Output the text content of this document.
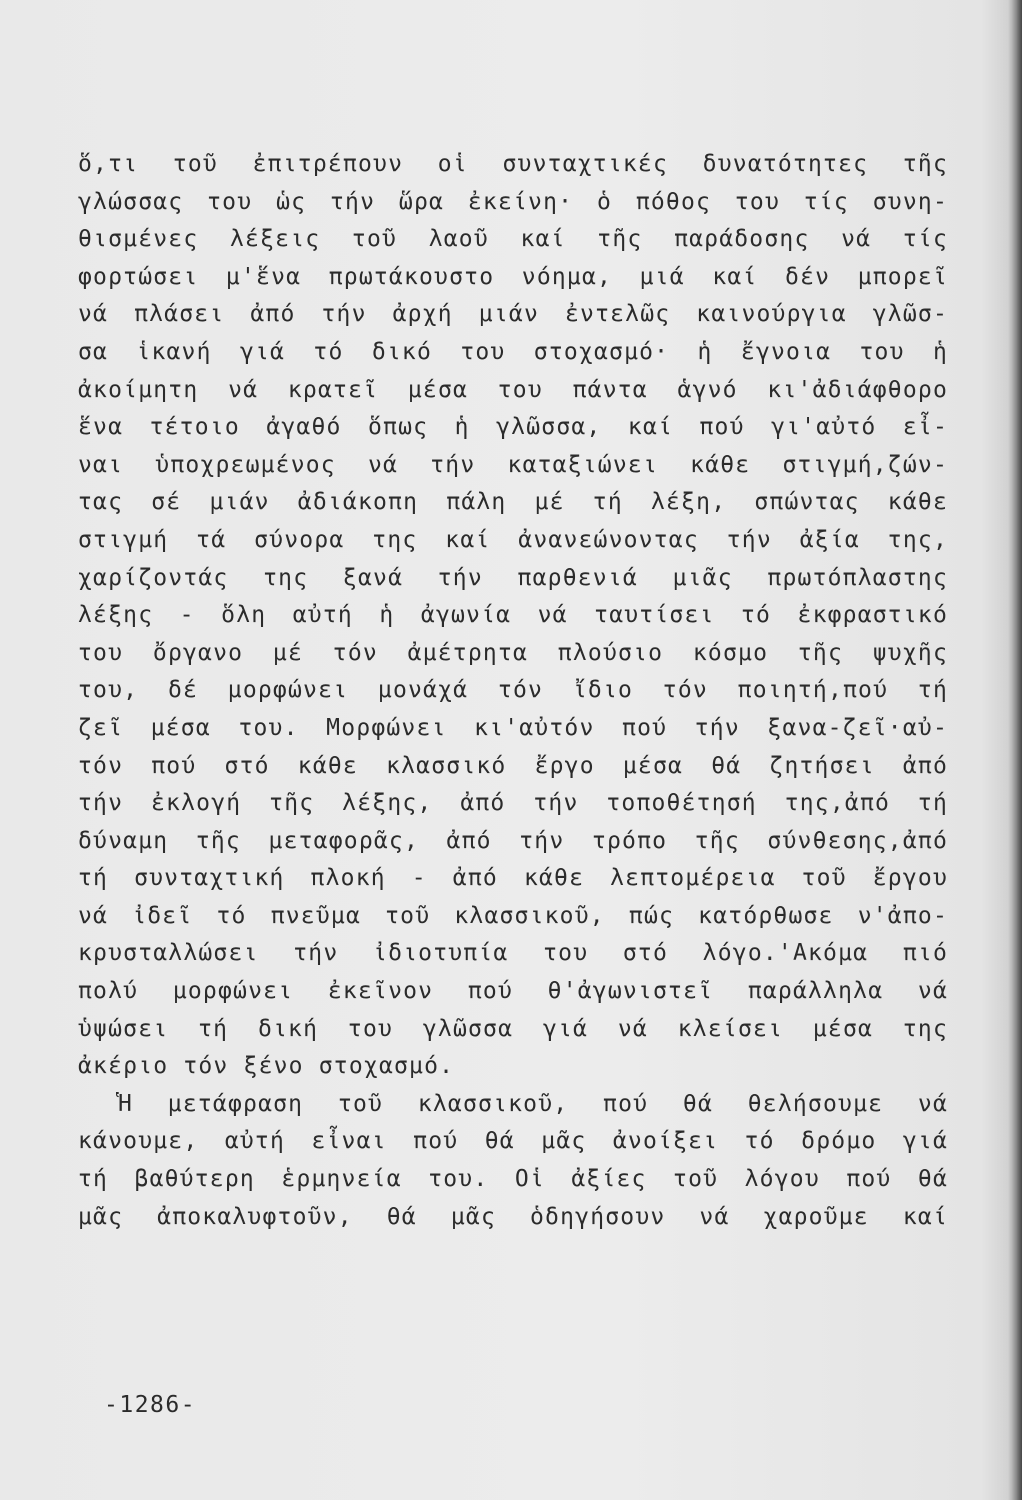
ὅ,τι τοῦ ἐπιτρέπουν οἱ συνταχτικές δυνατότητες τῆς
γλώσσας του ὡς τήν ὥρα ἐκείνη· ὁ πόθος του τίς συνη-
θισμένες λέξεις τοῦ λαοῦ καί τῆς παράδοσης νά τίς
φορτώσει μ'ἕνα πρωτάκουστο νόημα, μιά καί δέν μπορεῖ
νά πλάσει ἀπό τήν ἀρχή μιάν ἐντελῶς καινούργια γλῶσ-
σα ἱκανή γιά τό δικό του στοχασμό· ἡ ἔγνοια του ἡ
ἀκοίμητη νά κρατεῖ μέσα του πάντα ἁγνό κι'ἀδιάφθορο
ἕνα τέτοιο ἀγαθό ὅπως ἡ γλῶσσα, καί πού γι'αὐτό εἶ-
ναι ὑποχρεωμένος νά τήν καταξιώνει κάθε στιγμή,ζών-
τας σέ μιάν ἀδιάκοπη πάλη μέ τή λέξη, σπώντας κάθε
στιγμή τά σύνορα της καί ἀνανεώνοντας τήν ἀξία της,
χαρίζοντάς της ξανά τήν παρθενιά μιᾶς πρωτόπλαστης
λέξης - ὅλη αὐτή ἡ ἀγωνία νά ταυτίσει τό ἐκφραστικό
του ὄργανο μέ τόν ἀμέτρητα πλούσιο κόσμο τῆς ψυχῆς
του, δέ μορφώνει μονάχά τόν ἴδιο τόν ποιητή,πού τή
ζεῖ μέσα του. Μορφώνει κι'αὐτόν πού τήν ξανα-ζεῖ·αὐ-
τόν πού στό κάθε κλασσικό ἔργο μέσα θά ζητήσει ἀπό
τήν ἐκλογή τῆς λέξης, ἀπό τήν τοποθέτησή της,ἀπό τή
δύναμη τῆς μεταφορᾶς, ἀπό τήν τρόπο τῆς σύνθεσης,ἀπό
τή συνταχτική πλοκή - ἀπό κάθε λεπτομέρεια τοῦ ἔργου
νά ἰδεῖ τό πνεῦμα τοῦ κλασσικοῦ, πώς κατόρθωσε ν'ἀπο-
κρυσταλλώσει τήν ἰδιοτυπία του στό λόγο.'Ακόμα πιό
πολύ μορφώνει ἐκεῖνον πού θ'ἀγωνιστεῖ παράλληλα νά
ὑψώσει τή δική του γλῶσσα γιά νά κλείσει μέσα της
ἀκέριο τόν ξένο στοχασμό.
Ἡ μετάφραση τοῦ κλασσικοῦ, πού θά θελήσουμε νά
κάνουμε, αὐτή εἶναι πού θά μᾶς ἀνοίξει τό δρόμο γιά
τή βαθύτερη ἑρμηνεία του. Οἱ ἀξίες τοῦ λόγου πού θά
μᾶς ἀποκαλυφτοῦν, θά μᾶς ὁδηγήσουν νά χαροῦμε καί
-1286-
